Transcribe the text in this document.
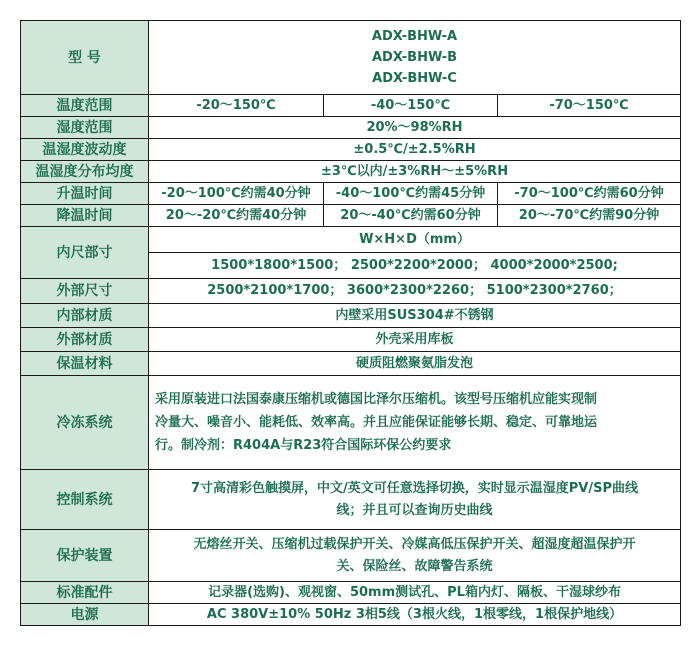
型 号	ADX-BHW-A
ADX-BHW-B
ADX-BHW-C		

温度范围	-20～150℃	-40～150℃	-70～150℃
湿度范围	20%～98%RH		
温湿度波动度	±0.5℃/±2.5%RH		
温湿度分布均度	±3℃以内/±3%RH～±5%RH		
升温时间	-20～100℃约需40分钟	-40～100℃约需45分钟	-70～100℃约需60分钟
降温时间	20～-20℃约需40分钟	20～-40℃约需60分钟	20～-70℃约需90分钟
内尺部寸	W×H×D（mm）		
	1500*1800*1500； 2500*2200*2000； 4000*2000*2500;		
外部尺寸	2500*2100*1700； 3600*2300*2260； 5100*2300*2760；		
内部材质	内壁采用SUS304#不锈钢		
外部材质	外壳采用库板		
保温材料	硬质阻燃聚氨脂发泡		
冷冻系统	采用原装进口法国泰康压缩机或德国比泽尔压缩机。该型号压缩机应能实现制
冷量大、噪音小、能耗低、效率高。并且应能保证能够长期、稳定、可靠地运
行。制冷剂：R404A与R23符合国际环保公约要求		

控制系统	7寸高清彩色触摸屏，中文/英文可任意选择切换，实时显示温湿度PV/SP曲线
线；并且可以查询历史曲线		

保护装置	无熔丝开关、压缩机过载保护开关、冷媒高低压保护开关、超湿度超温保护开
关、保险丝、故障警告系统		

标准配件	记录器(选购)、观视窗、50mm测试孔、PL箱内灯、隔板、干湿球纱布		
电源	AC 380V±10% 50Hz 3相5线（3根火线，1根零线，1根保护地线）		
